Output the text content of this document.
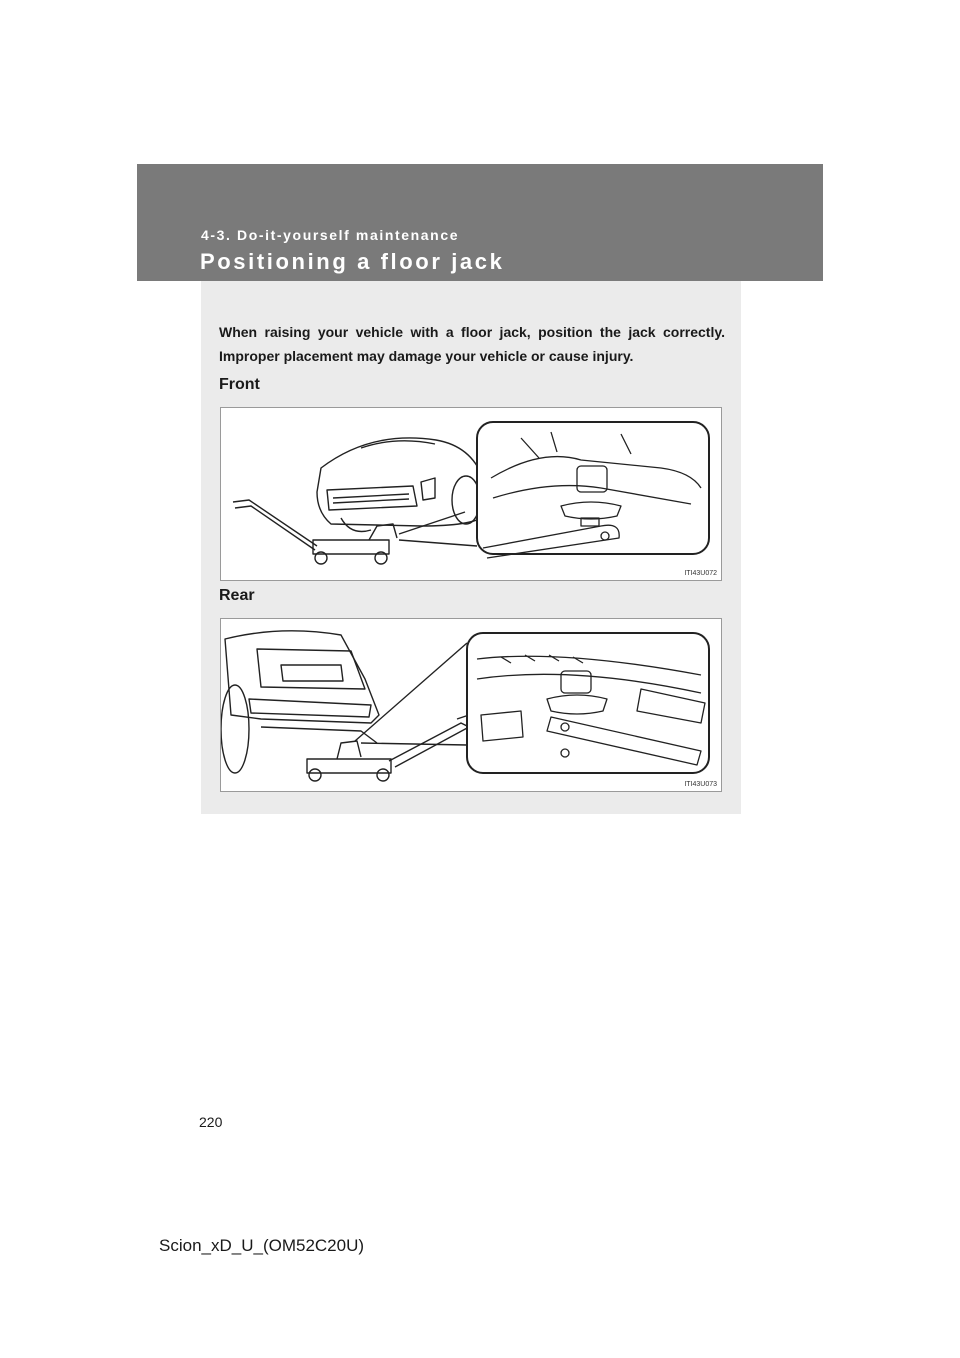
4-3. Do-it-yourself maintenance
Positioning a floor jack

When raising your vehicle with a floor jack, position the jack correctly. Improper placement may damage your vehicle or cause injury.

Front
ITI43U072
Rear
ITI43U073
220
Scion_xD_U_(OM52C20U)
